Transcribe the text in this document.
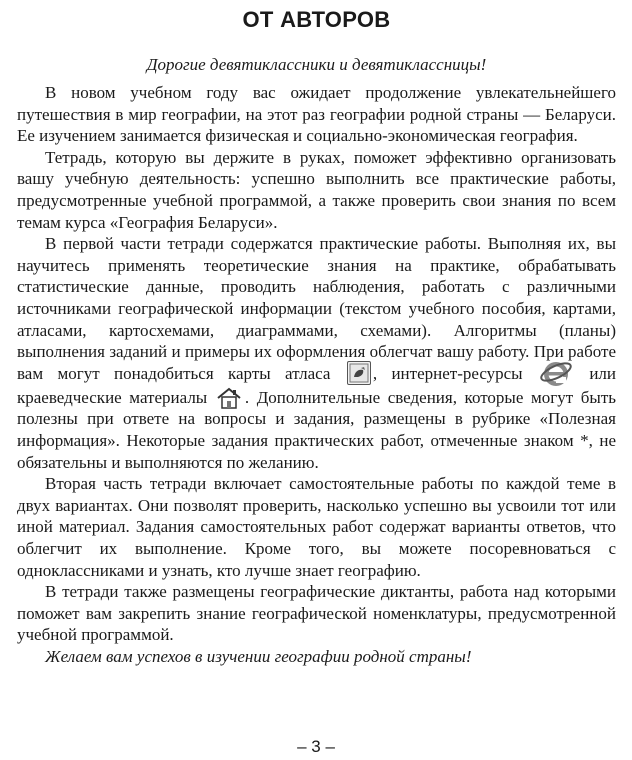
ОТ АВТОРОВ
Дорогие девятиклассники и девятиклассницы!

В новом учебном году вас ожидает продолжение увлекательнейшего путешествия в мир географии, на этот раз географии родной страны — Беларуси. Ее изучением занимается физическая и социально-экономическая география.

Тетрадь, которую вы держите в руках, поможет эффективно организовать вашу учебную деятельность: успешно выполнить все практические работы, предусмотренные учебной программой, а также проверить свои знания по всем темам курса «География Беларуси».

В первой части тетради содержатся практические работы. Выполняя их, вы научитесь применять теоретические знания на практике, обрабатывать статистические данные, проводить наблюдения, работать с различными источниками географической информации (текстом учебного пособия, картами, атласами, картосхемами, диаграммами, схемами). Алгоритмы (планы) выполнения заданий и примеры их оформления облегчат вашу работу. При работе вам могут понадобиться карты атласа , интернет-ресурсы	или краеведческие материалы . Дополнительные сведения, которые могут быть полезны при ответе на вопросы и задания, размещены в рубрике «Полезная информация». Некоторые задания практических работ, отмеченные знаком *, не обязательны и выполняются по желанию.

Вторая часть тетради включает самостоятельные работы по каждой теме в двух вариантах. Они позволят проверить, насколько успешно вы усвоили тот или иной материал. Задания самостоятельных работ содержат варианты ответов, что облегчит их выполнение. Кроме того, вы можете посоревноваться с одноклассниками и узнать, кто лучше знает географию.

В тетради также размещены географические диктанты, работа над которыми поможет вам закрепить знание географической номенклатуры, предусмотренной учебной программой.

Желаем вам успехов в изучении географии родной страны!

– 3 –
